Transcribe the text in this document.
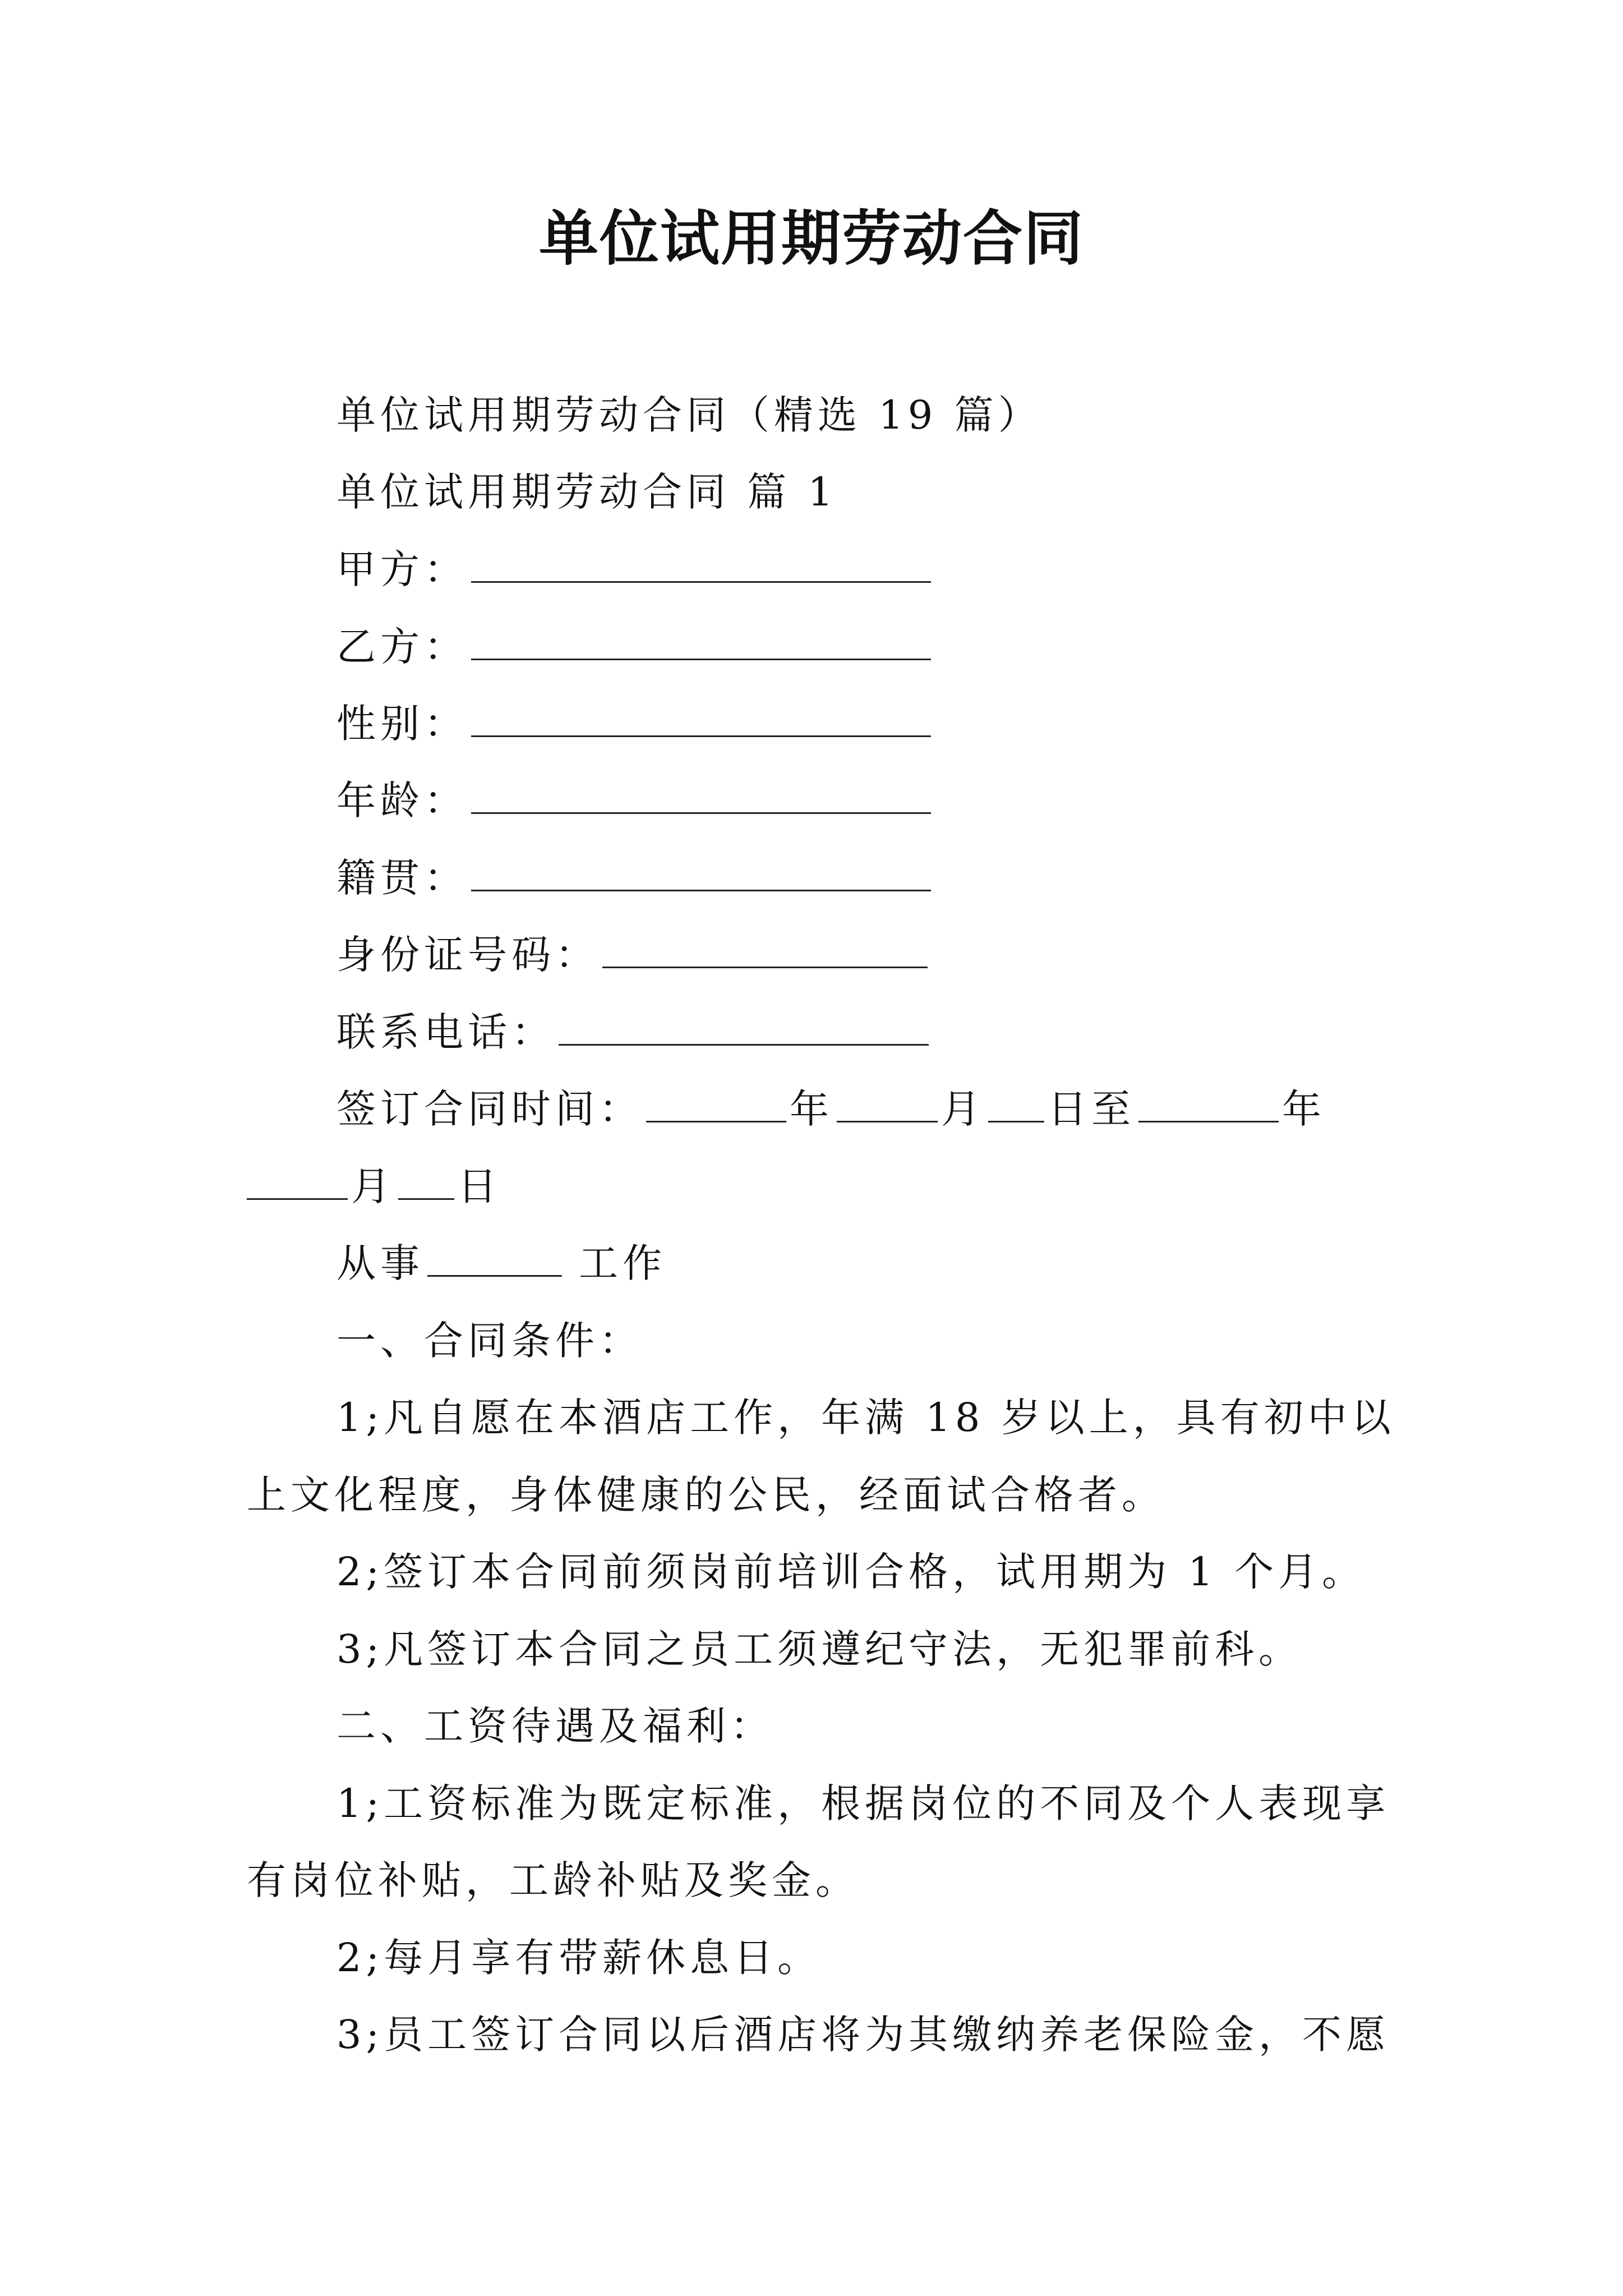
单位试用期劳动合同
单位试用期劳动合同（精选 19 篇）
单位试用期劳动合同 篇 1
甲方：
乙方：
性别：
年龄：
籍贯：
身份证号码：
联系电话：
签订合同时间：	年	月 日至	年
月 日
从事	工作
一、合同条件：
1;凡自愿在本酒店工作，年满 18 岁以上，具有初中以
上文化程度，身体健康的公民，经面试合格者。
2;签订本合同前须岗前培训合格，试用期为 1 个月。
3;凡签订本合同之员工须遵纪守法，无犯罪前科。
二、工资待遇及福利：
1;工资标准为既定标准，根据岗位的不同及个人表现享
有岗位补贴，工龄补贴及奖金。
2;每月享有带薪休息日。
3;员工签订合同以后酒店将为其缴纳养老保险金，不愿
